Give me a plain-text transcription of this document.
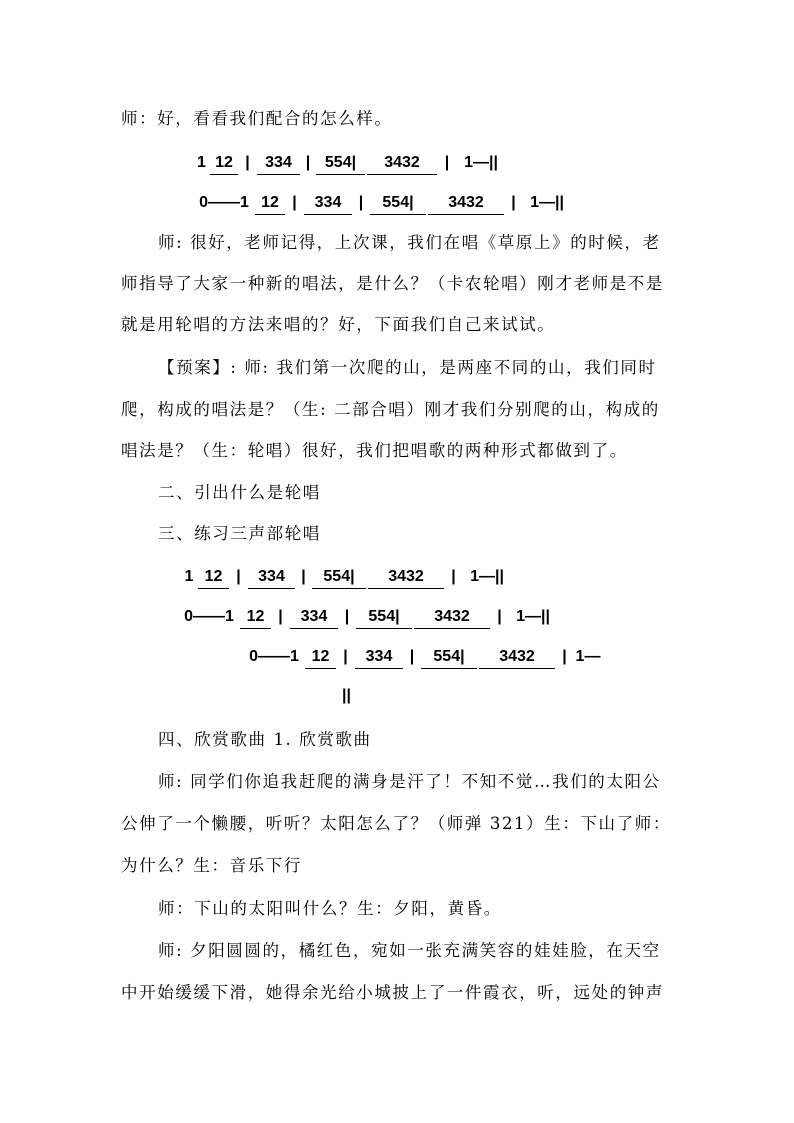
师：好，看看我们配合的怎么样。
1 12 | 334 | 554|	3432	| 1—||
0——1 12 |	334	|	554|	3432	| 1—||
师: 很好，老师记得，上次课，我们在唱《草原上》的时候，老
师指导了大家一种新的唱法，是什么？（卡农轮唱）刚才老师是不是
就是用轮唱的方法来唱的？好，下面我们自己来试试。
【预案】: 师: 我们第一次爬的山，是两座不同的山，我们同时
爬，构成的唱法是？（生: 二部合唱）刚才我们分别爬的山，构成的
唱法是？（生：轮唱）很好，我们把唱歌的两种形式都做到了。
二、引出什么是轮唱
三、练习三声部轮唱
1 12 |	334	|	554|	3432	| 1—||
0——1 12 |	334	|	554|	3432	| 1—||
0——1 12 |	334	|	554|	3432	| 1—
||
四、欣赏歌曲 1. 欣赏歌曲
师: 同学们你追我赶爬的满身是汗了！不知不觉…我们的太阳公
公伸了一个懒腰，听听？太阳怎么了？（师弹 321）生：下山了师：
为什么？生：音乐下行
师：下山的太阳叫什么？生：夕阳，黄昏。
师: 夕阳圆圆的，橘红色，宛如一张充满笑容的娃娃脸，在天空
中开始缓缓下滑，她得余光给小城披上了一件霞衣，听，远处的钟声
